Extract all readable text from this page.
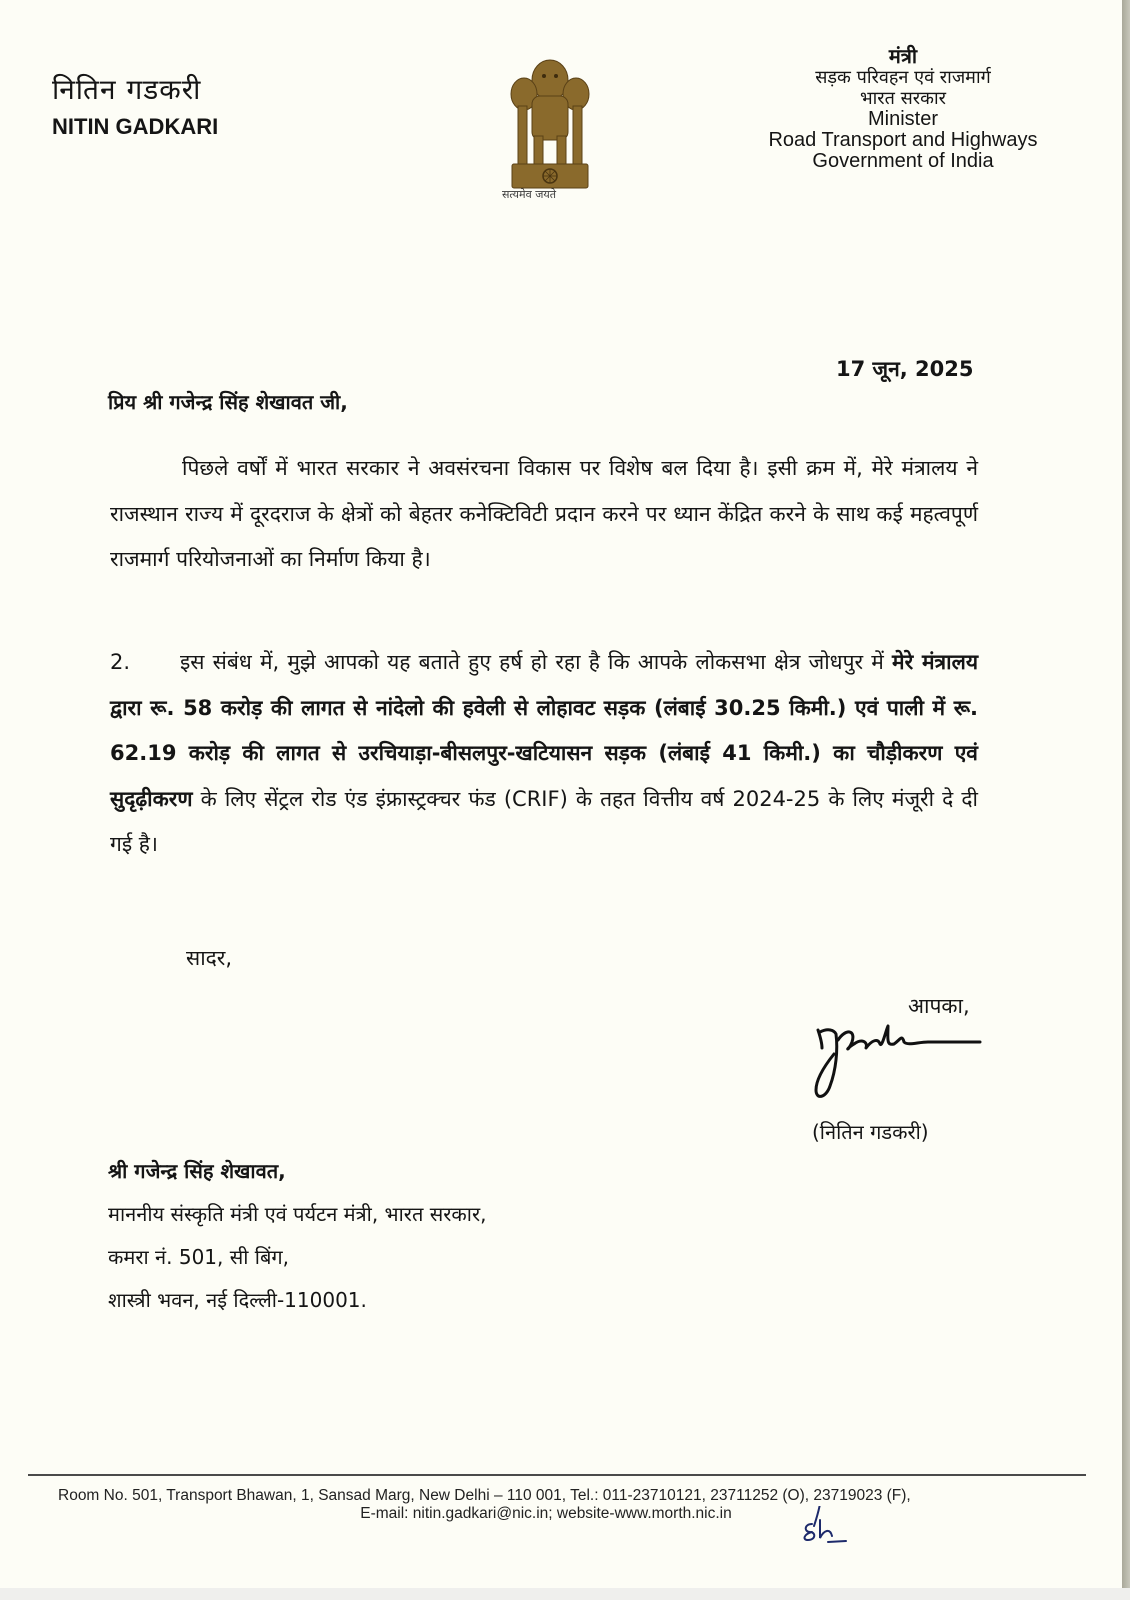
नितिन गडकरी
NITIN GADKARI
सत्यमेव जयते
मंत्री
सड़क परिवहन एवं राजमार्ग
भारत सरकार
Minister
Road Transport and Highways
Government of India
17 जून, 2025
प्रिय श्री गजेन्द्र सिंह शेखावत जी,
पिछले वर्षों में भारत सरकार ने अवसंरचना विकास पर विशेष बल दिया है। इसी क्रम में, मेरे मंत्रालय ने राजस्थान राज्य में दूरदराज के क्षेत्रों को बेहतर कनेक्टिविटी प्रदान करने पर ध्यान केंद्रित करने के साथ कई महत्वपूर्ण राजमार्ग परियोजनाओं का निर्माण किया है।
2. इस संबंध में, मुझे आपको यह बताते हुए हर्ष हो रहा है कि आपके लोकसभा क्षेत्र जोधपुर में मेरे मंत्रालय द्वारा रू. 58 करोड़ की लागत से नांदेलो की हवेली से लोहावट सड़क (लंबाई 30.25 किमी.) एवं पाली में रू. 62.19 करोड़ की लागत से उरचियाड़ा-बीसलपुर-खटियासन सड़क (लंबाई 41 किमी.) का चौड़ीकरण एवं सुदृढ़ीकरण के लिए सेंट्रल रोड एंड इंफ्रास्ट्रक्चर फंड (CRIF) के तहत वित्तीय वर्ष 2024-25 के लिए मंजूरी दे दी गई है।
सादर,
आपका,
(नितिन गडकरी)
श्री गजेन्द्र सिंह शेखावत,
माननीय संस्कृति मंत्री एवं पर्यटन मंत्री, भारत सरकार,
कमरा नं. 501, सी बिंग,
शास्त्री भवन, नई दिल्ली-110001.
Room No. 501, Transport Bhawan, 1, Sansad Marg, New Delhi – 110 001, Tel.: 011-23710121, 23711252 (O), 23719023 (F),
E-mail: nitin.gadkari@nic.in; website-www.morth.nic.in
